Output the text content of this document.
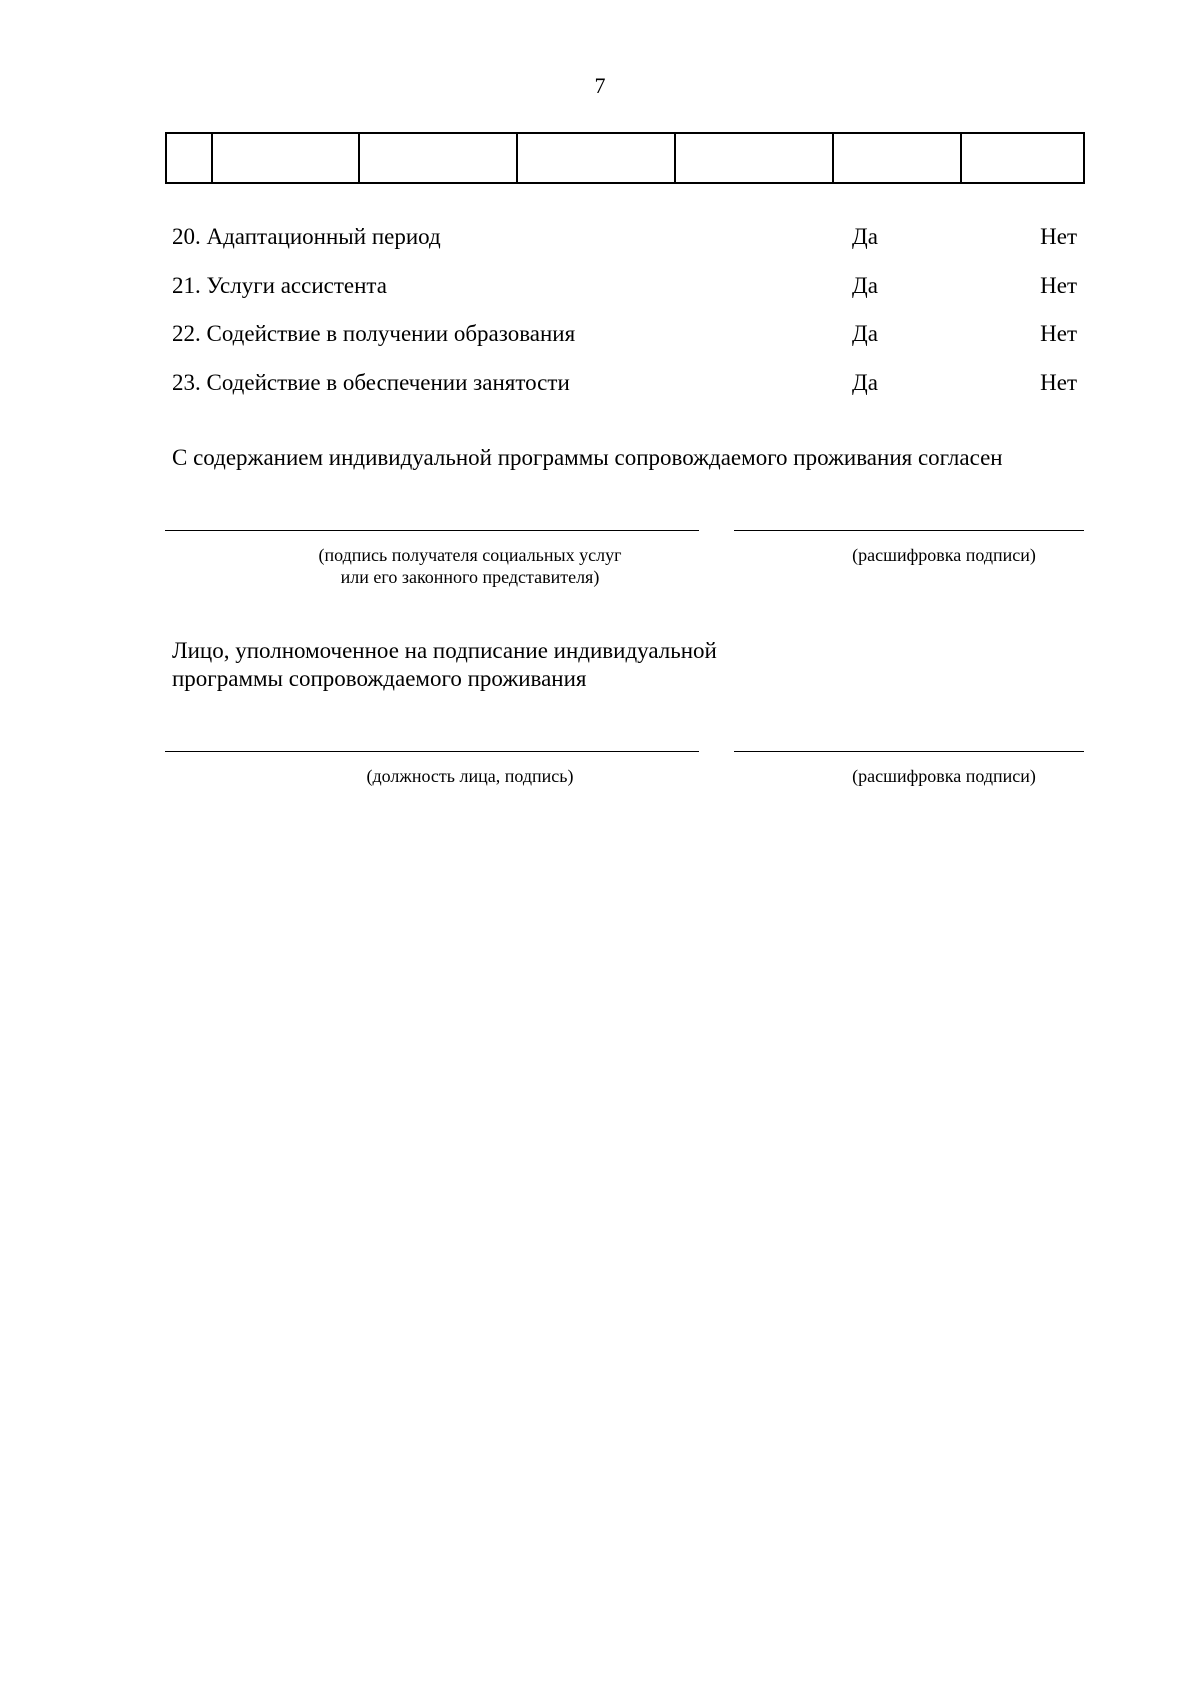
7

20. Адаптационный период	Да	Нет
21. Услуги ассистента	Да	Нет
22. Содействие в получении образования	Да	Нет
23. Содействие в обеспечении занятости	Да	Нет
С содержанием индивидуальной программы сопровождаемого проживания согласен
(подпись получателя социальных услуг
или его законного представителя)
(расшифровка подписи)
Лицо, уполномоченное на подписание индивидуальной
программы сопровождаемого проживания
(должность лица, подпись)	(расшифровка подписи)
